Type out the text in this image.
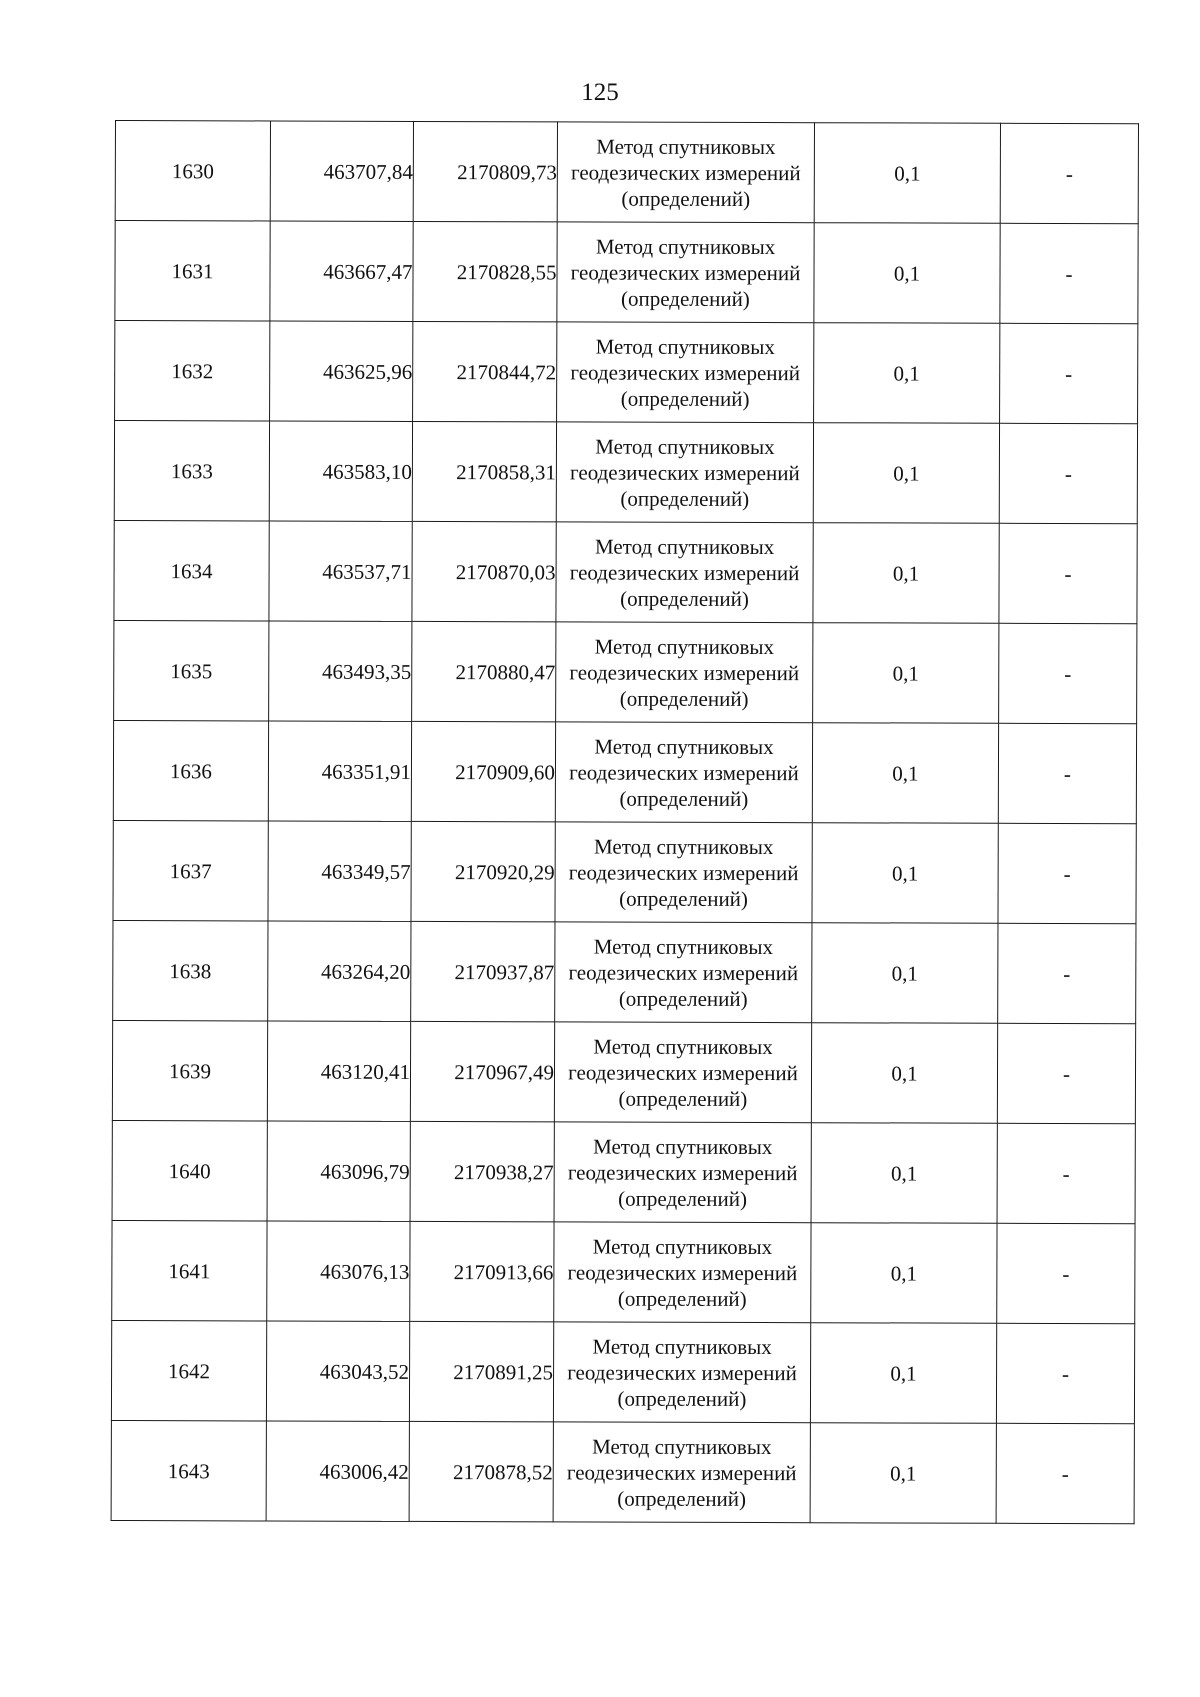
125
1630	463707,84	2170809,73	Метод спутниковых
геодезических измерений
(определений)	0,1	-
1631	463667,47	2170828,55	Метод спутниковых
геодезических измерений
(определений)	0,1	-
1632	463625,96	2170844,72	Метод спутниковых
геодезических измерений
(определений)	0,1	-
1633	463583,10	2170858,31	Метод спутниковых
геодезических измерений
(определений)	0,1	-
1634	463537,71	2170870,03	Метод спутниковых
геодезических измерений
(определений)	0,1	-
1635	463493,35	2170880,47	Метод спутниковых
геодезических измерений
(определений)	0,1	-
1636	463351,91	2170909,60	Метод спутниковых
геодезических измерений
(определений)	0,1	-
1637	463349,57	2170920,29	Метод спутниковых
геодезических измерений
(определений)	0,1	-
1638	463264,20	2170937,87	Метод спутниковых
геодезических измерений
(определений)	0,1	-
1639	463120,41	2170967,49	Метод спутниковых
геодезических измерений
(определений)	0,1	-
1640	463096,79	2170938,27	Метод спутниковых
геодезических измерений
(определений)	0,1	-
1641	463076,13	2170913,66	Метод спутниковых
геодезических измерений
(определений)	0,1	-
1642	463043,52	2170891,25	Метод спутниковых
геодезических измерений
(определений)	0,1	-
1643	463006,42	2170878,52	Метод спутниковых
геодезических измерений
(определений)	0,1	-
